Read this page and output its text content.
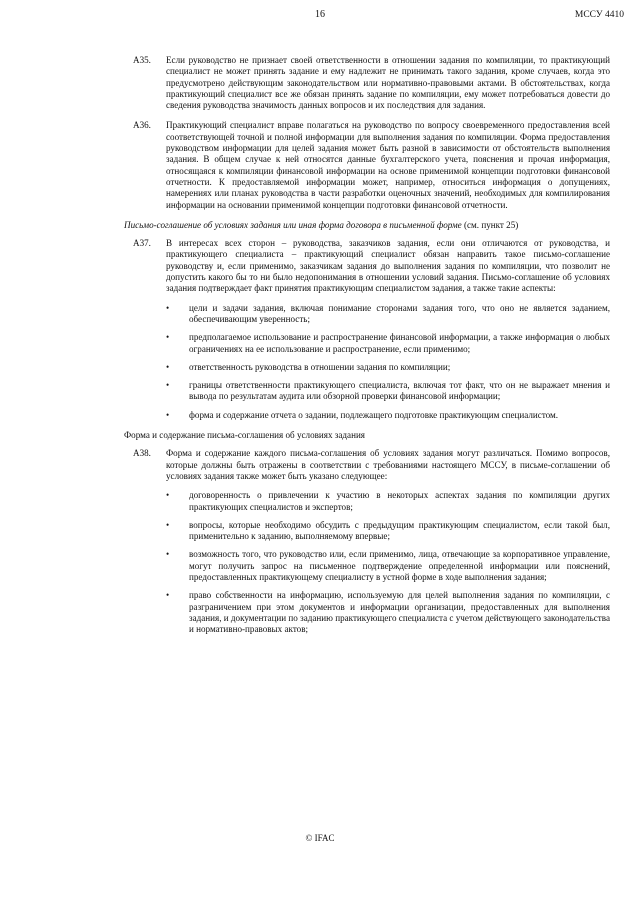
16	МССУ 4410
A35. Если руководство не признает своей ответственности в отношении задания по компиляции, то практикующий специалист не может принять задание и ему надлежит не принимать такого задания, кроме случаев, когда это предусмотрено действующим законодательством или нормативно-правовыми актами. В обстоятельствах, когда практикующий специалист все же обязан принять задание по компиляции, ему может потребоваться довести до сведения руководства значимость данных вопросов и их последствия для задания.
A36. Практикующий специалист вправе полагаться на руководство по вопросу своевременного предоставления всей соответствующей точной и полной информации для выполнения задания по компиляции. Форма предоставления руководством информации для целей задания может быть разной в зависимости от обстоятельств выполнения задания. В общем случае к ней относятся данные бухгалтерского учета, пояснения и прочая информация, относящаяся к компиляции финансовой информации на основе применимой концепции подготовки финансовой отчетности. К предоставляемой информации может, например, относиться информация о допущениях, намерениях или планах руководства в части разработки оценочных значений, необходимых для компилирования информации на основании применимой концепции подготовки финансовой отчетности.
Письмо-соглашение об условиях задания или иная форма договора в письменной форме (см. пункт 25)
A37. В интересах всех сторон – руководства, заказчиков задания, если они отличаются от руководства, и практикующего специалиста – практикующий специалист обязан направить такое письмо-соглашение руководству и, если применимо, заказчикам задания до выполнения задания по компиляции, что позволит не допустить какого бы то ни было недопонимания в отношении условий задания. Письмо-соглашение об условиях задания подтверждает факт принятия практикующим специалистом задания, а также такие аспекты:
• цели и задачи задания, включая понимание сторонами задания того, что оно не является заданием, обеспечивающим уверенность;
• предполагаемое использование и распространение финансовой информации, а также информация о любых ограничениях на ее использование и распространение, если применимо;
• ответственность руководства в отношении задания по компиляции;
• границы ответственности практикующего специалиста, включая тот факт, что он не выражает мнения и вывода по результатам аудита или обзорной проверки финансовой информации;
• форма и содержание отчета о задании, подлежащего подготовке практикующим специалистом.
Форма и содержание письма-соглашения об условиях задания
A38. Форма и содержание каждого письма-соглашения об условиях задания могут различаться. Помимо вопросов, которые должны быть отражены в соответствии с требованиями настоящего МССУ, в письме-соглашении об условиях задания также может быть указано следующее:
• договоренность о привлечении к участию в некоторых аспектах задания по компиляции других практикующих специалистов и экспертов;
• вопросы, которые необходимо обсудить с предыдущим практикующим специалистом, если такой был, применительно к заданию, выполняемому впервые;
• возможность того, что руководство или, если применимо, лица, отвечающие за корпоративное управление, могут получить запрос на письменное подтверждение определенной информации или пояснений, предоставленных практикующему специалисту в устной форме в ходе выполнения задания;
• право собственности на информацию, используемую для целей выполнения задания по компиляции, с разграничением при этом документов и информации организации, предоставленных для выполнения задания, и документации по заданию практикующего специалиста с учетом действующего законодательства и нормативно-правовых актов;
© IFAC
